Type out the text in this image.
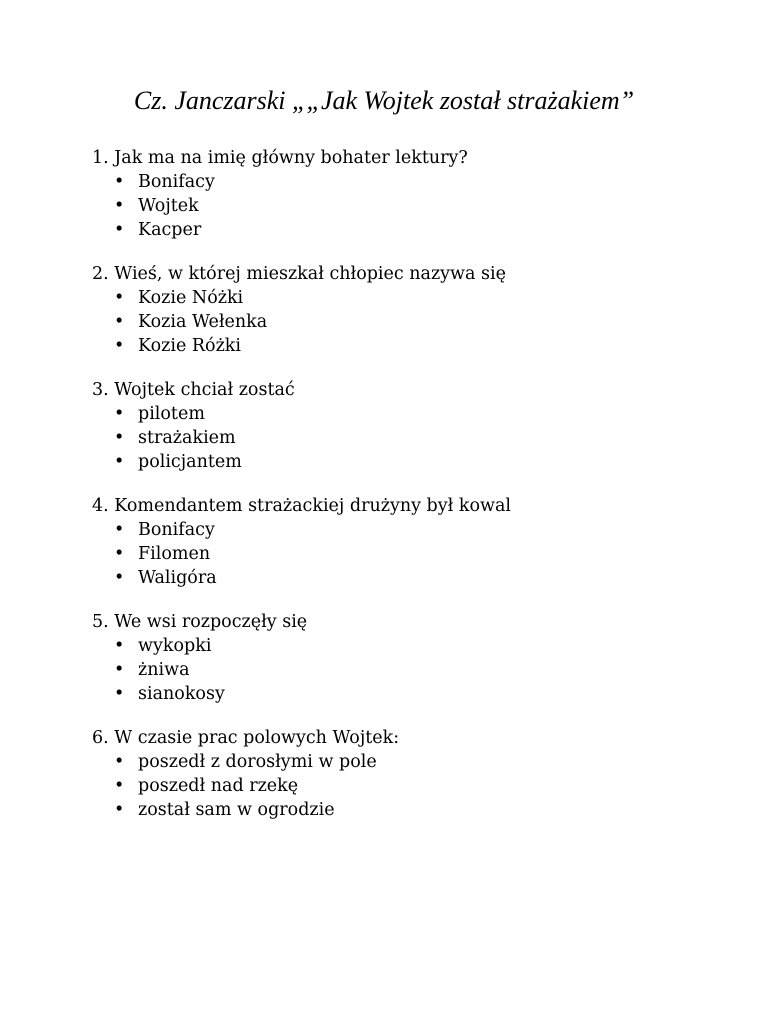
Cz. Janczarski „„Jak Wojtek został strażakiem”
1. Jak ma na imię główny bohater lektury?
• Bonifacy
• Wojtek
• Kacper
2. Wieś, w której mieszkał chłopiec nazywa się
• Kozie Nóżki
• Kozia Wełenka
• Kozie Różki
3. Wojtek chciał zostać
• pilotem
• strażakiem
• policjantem
4. Komendantem strażackiej drużyny był kowal
• Bonifacy
• Filomen
• Waligóra
5. We wsi rozpoczęły się
• wykopki
• żniwa
• sianokosy
6. W czasie prac polowych Wojtek:
• poszedł z dorosłymi w pole
• poszedł nad rzekę
• został sam w ogrodzie
